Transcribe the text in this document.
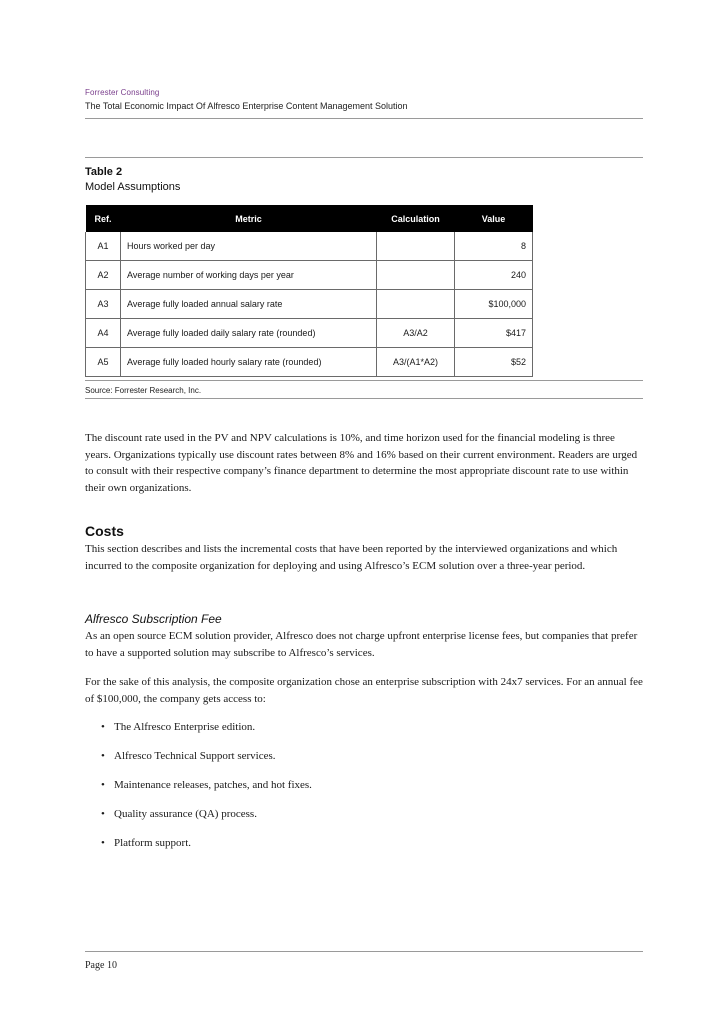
Forrester Consulting
The Total Economic Impact Of Alfresco Enterprise Content Management Solution
Table 2
Model Assumptions
Ref.	Metric	Calculation	Value
A1	Hours worked per day		8
A2	Average number of working days per year		240
A3	Average fully loaded annual salary rate		$100,000
A4	Average fully loaded daily salary rate (rounded)	A3/A2	$417
A5	Average fully loaded hourly salary rate (rounded)	A3/(A1*A2)	$52
Source: Forrester Research, Inc.
The discount rate used in the PV and NPV calculations is 10%, and time horizon used for the financial modeling is three years. Organizations typically use discount rates between 8% and 16% based on their current environment. Readers are urged to consult with their respective company’s finance department to determine the most appropriate discount rate to use within their own organizations.
Costs
This section describes and lists the incremental costs that have been reported by the interviewed organizations and which incurred to the composite organization for deploying and using Alfresco’s ECM solution over a three-year period.
Alfresco Subscription Fee
As an open source ECM solution provider, Alfresco does not charge upfront enterprise license fees, but companies that prefer to have a supported solution may subscribe to Alfresco’s services.
For the sake of this analysis, the composite organization chose an enterprise subscription with 24x7 services. For an annual fee of $100,000, the company gets access to:
• The Alfresco Enterprise edition.
• Alfresco Technical Support services.
• Maintenance releases, patches, and hot fixes.
• Quality assurance (QA) process.
• Platform support.
Page 10
